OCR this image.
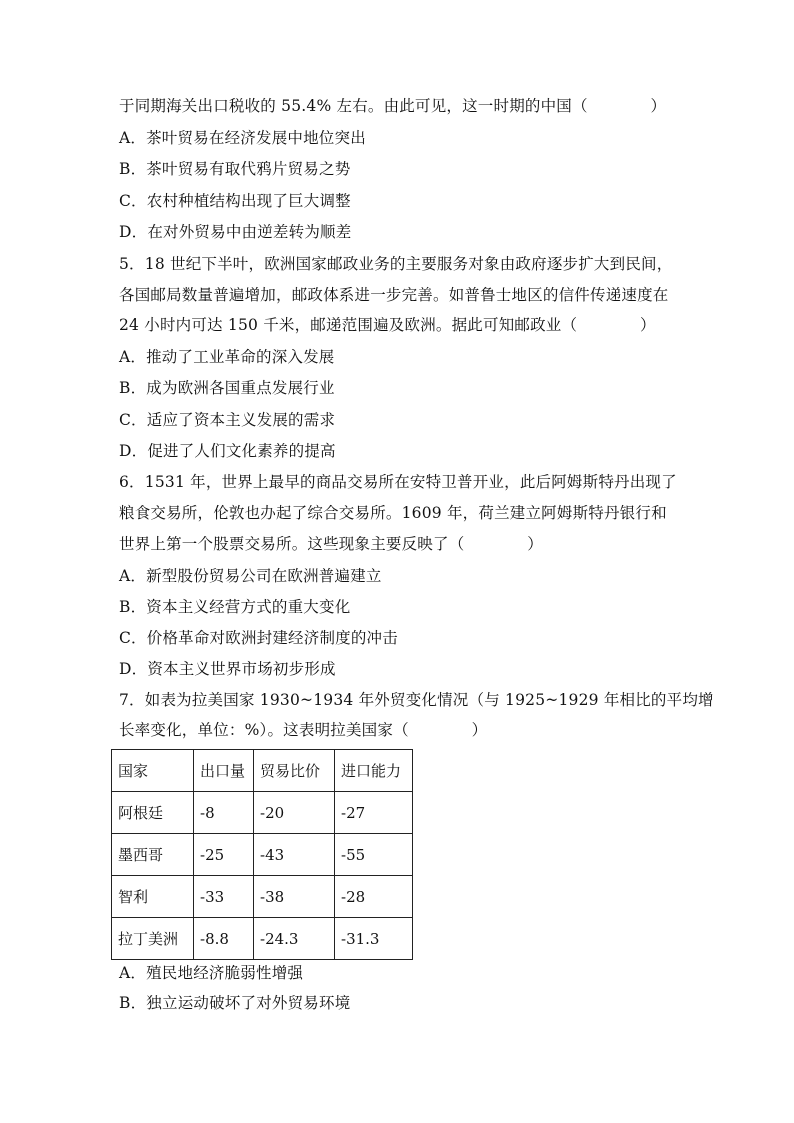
于同期海关出口税收的 55.4% 左右。由此可见，这一时期的中国（　　　　）
A．茶叶贸易在经济发展中地位突出
B．茶叶贸易有取代鸦片贸易之势
C．农村种植结构出现了巨大调整
D．在对外贸易中由逆差转为顺差
5．18 世纪下半叶，欧洲国家邮政业务的主要服务对象由政府逐步扩大到民间，
各国邮局数量普遍增加，邮政体系进一步完善。如普鲁士地区的信件传递速度在
24 小时内可达 150 千米，邮递范围遍及欧洲。据此可知邮政业（　　　　）
A．推动了工业革命的深入发展
B．成为欧洲各国重点发展行业
C．适应了资本主义发展的需求
D．促进了人们文化素养的提高
6．1531 年，世界上最早的商品交易所在安特卫普开业，此后阿姆斯特丹出现了
粮食交易所，伦敦也办起了综合交易所。1609 年，荷兰建立阿姆斯特丹银行和
世界上第一个股票交易所。这些现象主要反映了（　　　　）
A．新型股份贸易公司在欧洲普遍建立
B．资本主义经营方式的重大变化
C．价格革命对欧洲封建经济制度的冲击
D．资本主义世界市场初步形成
7．如表为拉美国家 1930~1934 年外贸变化情况（与 1925~1929 年相比的平均增
长率变化，单位：%）。这表明拉美国家（　　　　）
国家	出口量	贸易比价	进口能力
阿根廷	-8	-20	-27
墨西哥	-25	-43	-55
智利	-33	-38	-28
拉丁美洲	-8.8	-24.3	-31.3
A．殖民地经济脆弱性增强
B．独立运动破坏了对外贸易环境
